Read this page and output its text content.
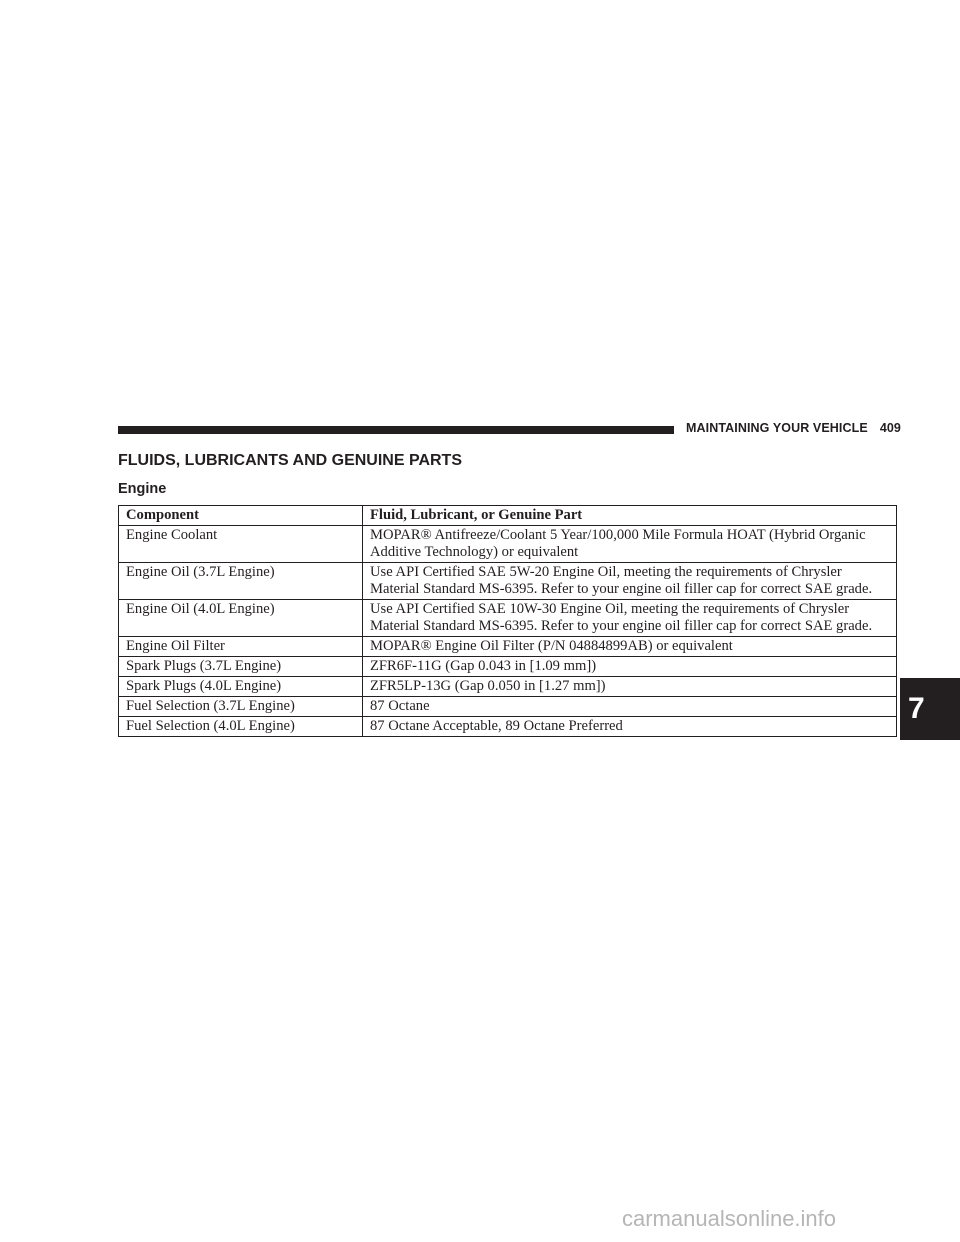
MAINTAINING YOUR VEHICLE 409
FLUIDS, LUBRICANTS AND GENUINE PARTS
Engine
Component	Fluid, Lubricant, or Genuine Part
Engine Coolant	MOPAR® Antifreeze/Coolant 5 Year/100,000 Mile Formula HOAT (Hybrid Organic Additive Technology) or equivalent
Engine Oil (3.7L Engine)	Use API Certified SAE 5W-20 Engine Oil, meeting the requirements of Chrysler Material Standard MS-6395. Refer to your engine oil filler cap for correct SAE grade.
Engine Oil (4.0L Engine)	Use API Certified SAE 10W-30 Engine Oil, meeting the requirements of Chrysler Material Standard MS-6395. Refer to your engine oil filler cap for correct SAE grade.
Engine Oil Filter	MOPAR® Engine Oil Filter (P/N 04884899AB) or equivalent
Spark Plugs (3.7L Engine)	ZFR6F-11G (Gap 0.043 in [1.09 mm])
Spark Plugs (4.0L Engine)	ZFR5LP-13G (Gap 0.050 in [1.27 mm])
Fuel Selection (3.7L Engine)	87 Octane
Fuel Selection (4.0L Engine)	87 Octane Acceptable, 89 Octane Preferred
7
carmanualsonline.info
